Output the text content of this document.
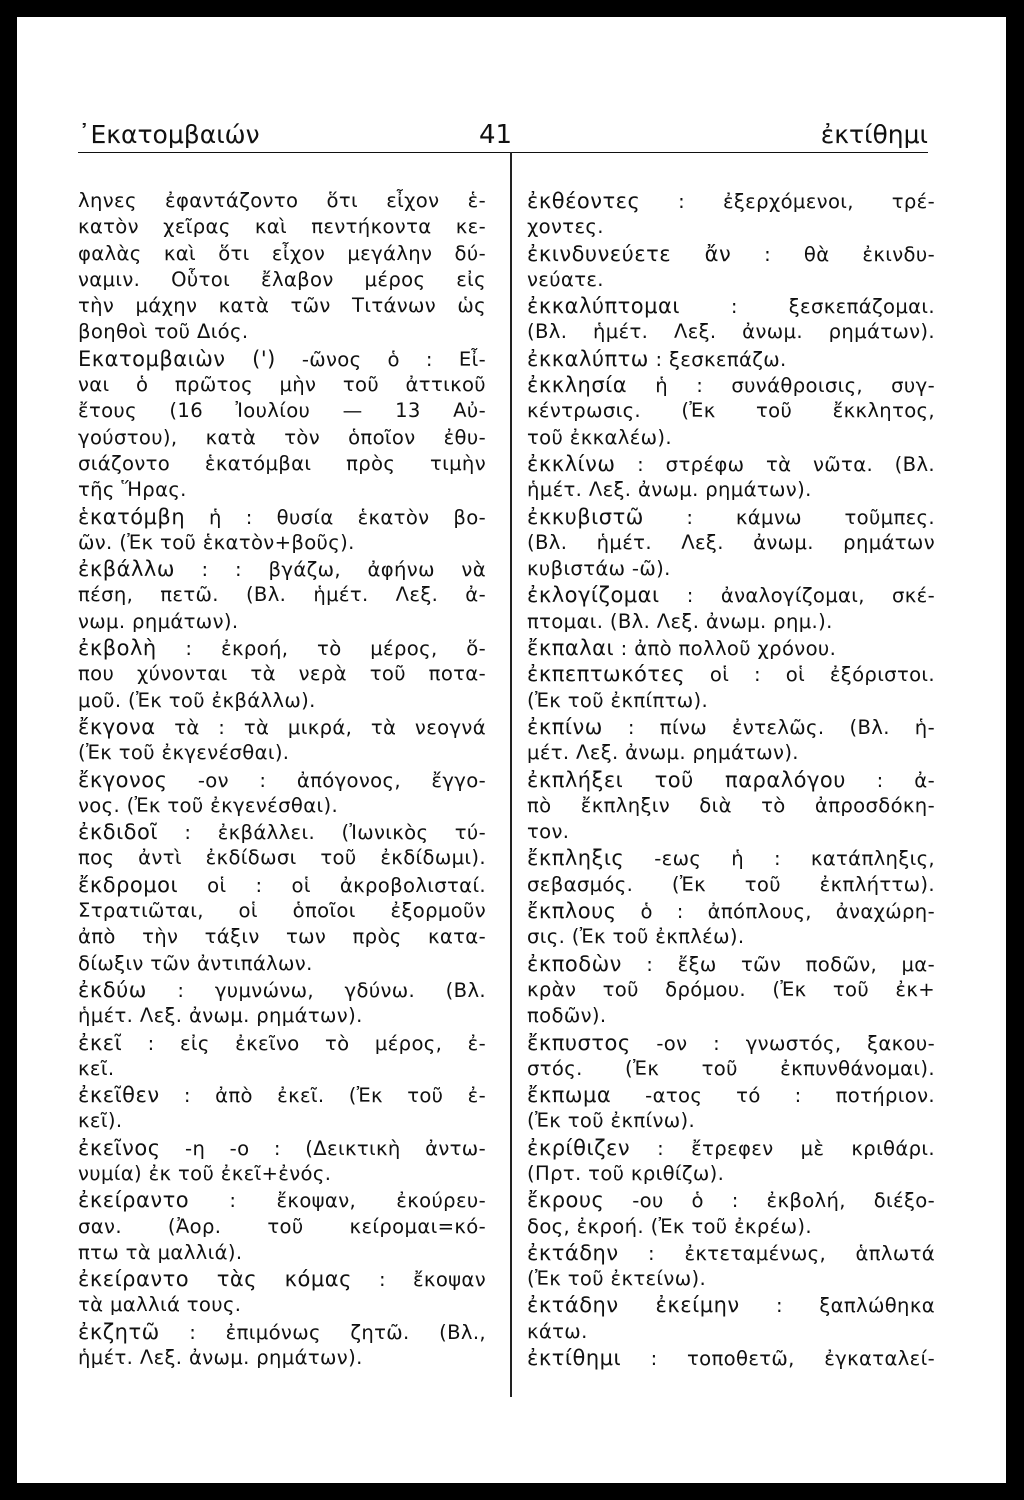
᾿Εκατομβαιών	41	ἐκτίθημι
ληνες ἐφαντάζοντο ὅτι εἶχον ἑ-
κατὸν χεῖρας καὶ πεντήκοντα κε-
φαλὰς καὶ ὅτι εἶχον μεγάλην δύ-
ναμιν. Οὗτοι ἔλαβον μέρος εἰς
τὴν μάχην κατὰ τῶν Τιτάνων ὡς
βοηθοὶ τοῦ Διός.
Εκατομβαιὼν (') -ῶνος ὁ : Εἶ-
ναι ὁ πρῶτος μὴν τοῦ ἀττικοῦ
ἔτους (16 Ἰουλίου — 13 Αὐ-
γούστου), κατὰ τὸν ὁποῖον ἐθυ-
σιάζοντο ἑκατόμβαι πρὸς τιμὴν
τῆς Ἥρας.
ἑκατόμβη ἡ : θυσία ἑκατὸν βο-
ῶν. (Ἐκ τοῦ ἑκατὸν+βοῦς).
ἐκβάλλω : : βγάζω, ἀφήνω νὰ
πέση, πετῶ. (Βλ. ἡμέτ. Λεξ. ἀ-
νωμ. ρημάτων).
ἐκβολὴ : ἐκροή, τὸ μέρος, ὅ-
που χύνονται τὰ νερὰ τοῦ ποτα-
μοῦ. (Ἐκ τοῦ ἐκβάλλω).
ἔκγονα τὰ : τὰ μικρά, τὰ νεογνά
(Ἐκ τοῦ ἐκγενέσθαι).
ἔκγονος -ον : ἀπόγονος, ἔγγο-
νος. (Ἐκ τοῦ ἐκγενέσθαι).
ἐκδιδοῖ : ἐκβάλλει. (Ἰωνικὸς τύ-
πος ἀντὶ ἐκδίδωσι τοῦ ἐκδίδωμι).
ἔκδρομοι οἱ : οἱ ἀκροβολισταί.
Στρατιῶται, οἱ ὁποῖοι ἐξορμοῦν
ἀπὸ τὴν τάξιν των πρὸς κατα-
δίωξιν τῶν ἀντιπάλων.
ἐκδύω : γυμνώνω, γδύνω. (Βλ.
ἡμέτ. Λεξ. ἀνωμ. ρημάτων).
ἐκεῖ : εἰς ἐκεῖνο τὸ μέρος, ἐ-
κεῖ.
ἐκεῖθεν : ἀπὸ ἐκεῖ. (Ἐκ τοῦ ἐ-
κεῖ).
ἐκεῖνος -η -ο : (Δεικτικὴ ἀντω-
νυμία) ἐκ τοῦ ἐκεῖ+ἐνός.
ἐκείραντο : ἔκοψαν, ἐκούρευ-
σαν. (Ἀορ. τοῦ κείρομαι=κό-
πτω τὰ μαλλιά).
ἐκείραντο τὰς κόμας : ἔκοψαν
τὰ μαλλιά τους.
ἐκζητῶ : ἐπιμόνως ζητῶ. (Βλ.,
ἡμέτ. Λεξ. ἀνωμ. ρημάτων).
ἐκθέοντες : ἐξερχόμενοι, τρέ-
χοντες.
ἐκινδυνεύετε ἄν : θὰ ἐκινδυ-
νεύατε.
ἐκκαλύπτομαι : ξεσκεπάζομαι.
(Βλ. ἡμέτ. Λεξ. ἀνωμ. ρημάτων).
ἐκκαλύπτω : ξεσκεπάζω.
ἐκκλησία ἡ : συνάθροισις, συγ-
κέντρωσις. (Ἐκ τοῦ ἔκκλητος,
τοῦ ἐκκαλέω).
ἐκκλίνω : στρέφω τὰ νῶτα. (Βλ.
ἡμέτ. Λεξ. ἀνωμ. ρημάτων).
ἐκκυβιστῶ : κάμνω τοῦμπες.
(Βλ. ἡμέτ. Λεξ. ἀνωμ. ρημάτων
κυβιστάω -ῶ).
ἐκλογίζομαι : ἀναλογίζομαι, σκέ-
πτομαι. (Βλ. Λεξ. ἀνωμ. ρημ.).
ἔκπαλαι : ἀπὸ πολλοῦ χρόνου.
ἐκπεπτωκότες οἱ : οἱ ἐξόριστοι.
(Ἐκ τοῦ ἐκπίπτω).
ἐκπίνω : πίνω ἐντελῶς. (Βλ. ἡ-
μέτ. Λεξ. ἀνωμ. ρημάτων).
ἐκπλήξει τοῦ παραλόγου : ἀ-
πὸ ἔκπληξιν διὰ τὸ ἀπροσδόκη-
τον.
ἔκπληξις -εως ἡ : κατάπληξις,
σεβασμός. (Ἐκ τοῦ ἐκπλήττω).
ἔκπλους ὁ : ἀπόπλους, ἀναχώρη-
σις. (Ἐκ τοῦ ἐκπλέω).
ἐκποδὼν : ἔξω τῶν ποδῶν, μα-
κρὰν τοῦ δρόμου. (Ἐκ τοῦ ἐκ+
ποδῶν).
ἔκπυστος -ον : γνωστός, ξακου-
στός. (Ἐκ τοῦ ἐκπυνθάνομαι).
ἔκπωμα -ατος τό : ποτήριον.
(Ἐκ τοῦ ἐκπίνω).
ἐκρίθιζεν : ἔτρεφεν μὲ κριθάρι.
(Πρτ. τοῦ κριθίζω).
ἔκρους -ου ὁ : ἐκβολή, διέξο-
δος, ἐκροή. (Ἐκ τοῦ ἐκρέω).
ἐκτάδην : ἐκτεταμένως, ἁπλωτά
(Ἐκ τοῦ ἐκτείνω).
ἐκτάδην ἐκείμην : ξαπλώθηκα
κάτω.
ἐκτίθημι : τοποθετῶ, ἐγκαταλεί-
